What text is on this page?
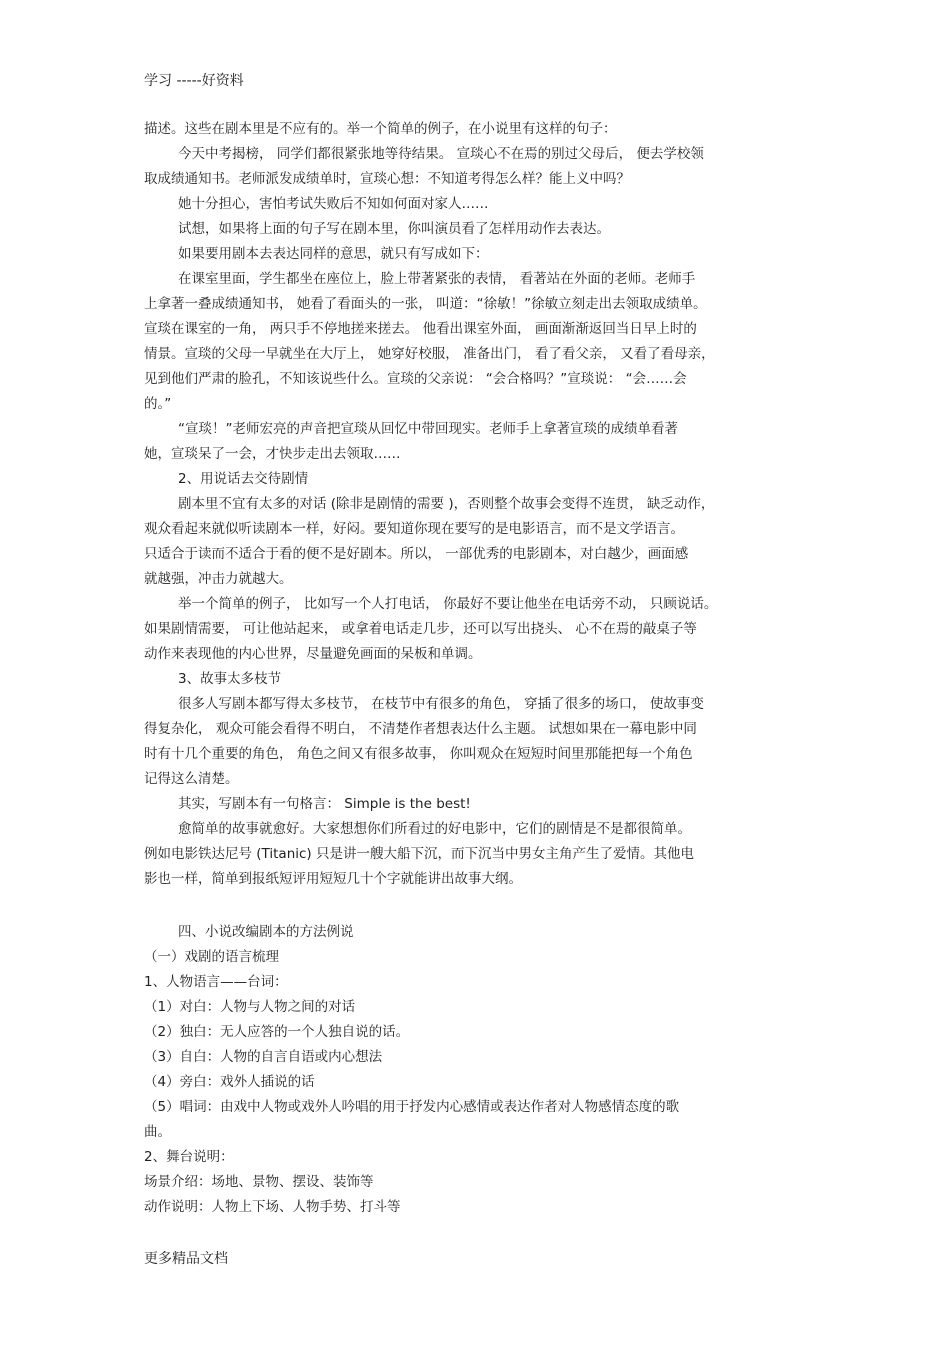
学习 -----好资料
描述。这些在剧本里是不应有的。举一个简单的例子，在小说里有这样的句子：
今天中考揭榜， 同学们都很紧张地等待结果。 宣琰心不在焉的别过父母后， 便去学校领
取成绩通知书。老师派发成绩单时，宣琰心想：不知道考得怎么样？能上义中吗？
她十分担心，害怕考试失败后不知如何面对家人……
试想，如果将上面的句子写在剧本里，你叫演员看了怎样用动作去表达。
如果要用剧本去表达同样的意思，就只有写成如下：
在课室里面，学生都坐在座位上，脸上带著紧张的表情， 看著站在外面的老师。老师手
上拿著一叠成绩通知书， 她看了看面头的一张， 叫道：“徐敏！”徐敏立刻走出去领取成绩单。
宣琰在课室的一角， 两只手不停地搓来搓去。 他看出课室外面， 画面渐渐返回当日早上时的
情景。宣琰的父母一早就坐在大厅上， 她穿好校服， 准备出门， 看了看父亲， 又看了看母亲，
见到他们严肃的脸孔，不知该说些什么。宣琰的父亲说： “会合格吗？”宣琰说： “会……会
的。”
“宣琰！”老师宏亮的声音把宣琰从回忆中带回现实。老师手上拿著宣琰的成绩单看著
她，宣琰呆了一会，才快步走出去领取……
2、用说话去交待剧情
剧本里不宜有太多的对话 (除非是剧情的需要 )，否则整个故事会变得不连贯， 缺乏动作，
观众看起来就似听读剧本一样，好闷。要知道你现在要写的是电影语言，而不是文学语言。
只适合于读而不适合于看的便不是好剧本。所以， 一部优秀的电影剧本，对白越少，画面感
就越强，冲击力就越大。
举一个简单的例子， 比如写一个人打电话， 你最好不要让他坐在电话旁不动， 只顾说话。
如果剧情需要， 可让他站起来， 或拿着电话走几步，还可以写出挠头、 心不在焉的敲桌子等
动作来表现他的内心世界，尽量避免画面的呆板和单调。
3、故事太多枝节
很多人写剧本都写得太多枝节， 在枝节中有很多的角色， 穿插了很多的场口， 使故事变
得复杂化， 观众可能会看得不明白， 不清楚作者想表达什么主题。 试想如果在一幕电影中同
时有十几个重要的角色， 角色之间又有很多故事， 你叫观众在短短时间里那能把每一个角色
记得这么清楚。
其实，写剧本有一句格言： Simple is the best!
愈简单的故事就愈好。大家想想你们所看过的好电影中，它们的剧情是不是都很简单。
例如电影铁达尼号 (Titanic) 只是讲一艘大船下沉，而下沉当中男女主角产生了爱情。其他电
影也一样，简单到报纸短评用短短几十个字就能讲出故事大纲。
四、小说改编剧本的方法例说
（一）戏剧的语言梳理
1、人物语言——台词：
（1）对白：人物与人物之间的对话
（2）独白：无人应答的一个人独自说的话。
（3）自白：人物的自言自语或内心想法
（4）旁白：戏外人插说的话
（5）唱词：由戏中人物或戏外人吟唱的用于抒发内心感情或表达作者对人物感情态度的歌
曲。
2、舞台说明：
场景介绍：场地、景物、摆设、装饰等
动作说明：人物上下场、人物手势、打斗等
更多精品文档
